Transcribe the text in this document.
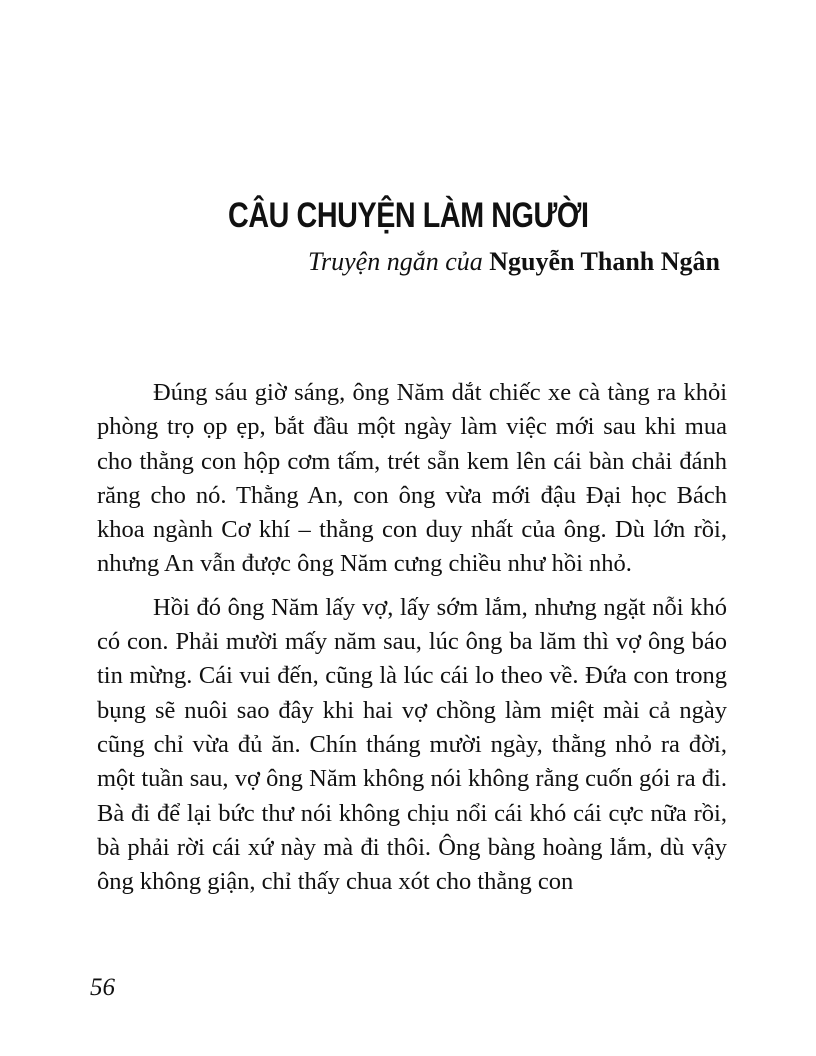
CÂU CHUYỆN LÀM NGƯỜI
Truyện ngắn của Nguyễn Thanh Ngân

Đúng sáu giờ sáng, ông Năm dắt chiếc xe cà tàng ra khỏi phòng trọ ọp ẹp, bắt đầu một ngày làm việc mới sau khi mua cho thằng con hộp cơm tấm, trét sẵn kem lên cái bàn chải đánh răng cho nó. Thằng An, con ông vừa mới đậu Đại học Bách khoa ngành Cơ khí – thằng con duy nhất của ông. Dù lớn rồi, nhưng An vẫn được ông Năm cưng chiều như hồi nhỏ.

Hồi đó ông Năm lấy vợ, lấy sớm lắm, nhưng ngặt nỗi khó có con. Phải mười mấy năm sau, lúc ông ba lăm thì vợ ông báo tin mừng. Cái vui đến, cũng là lúc cái lo theo về. Đứa con trong bụng sẽ nuôi sao đây khi hai vợ chồng làm miệt mài cả ngày cũng chỉ vừa đủ ăn. Chín tháng mười ngày, thằng nhỏ ra đời, một tuần sau, vợ ông Năm không nói không rằng cuốn gói ra đi. Bà đi để lại bức thư nói không chịu nổi cái khó cái cực nữa rồi, bà phải rời cái xứ này mà đi thôi. Ông bàng hoàng lắm, dù vậy ông không giận, chỉ thấy chua xót cho thằng con

56
